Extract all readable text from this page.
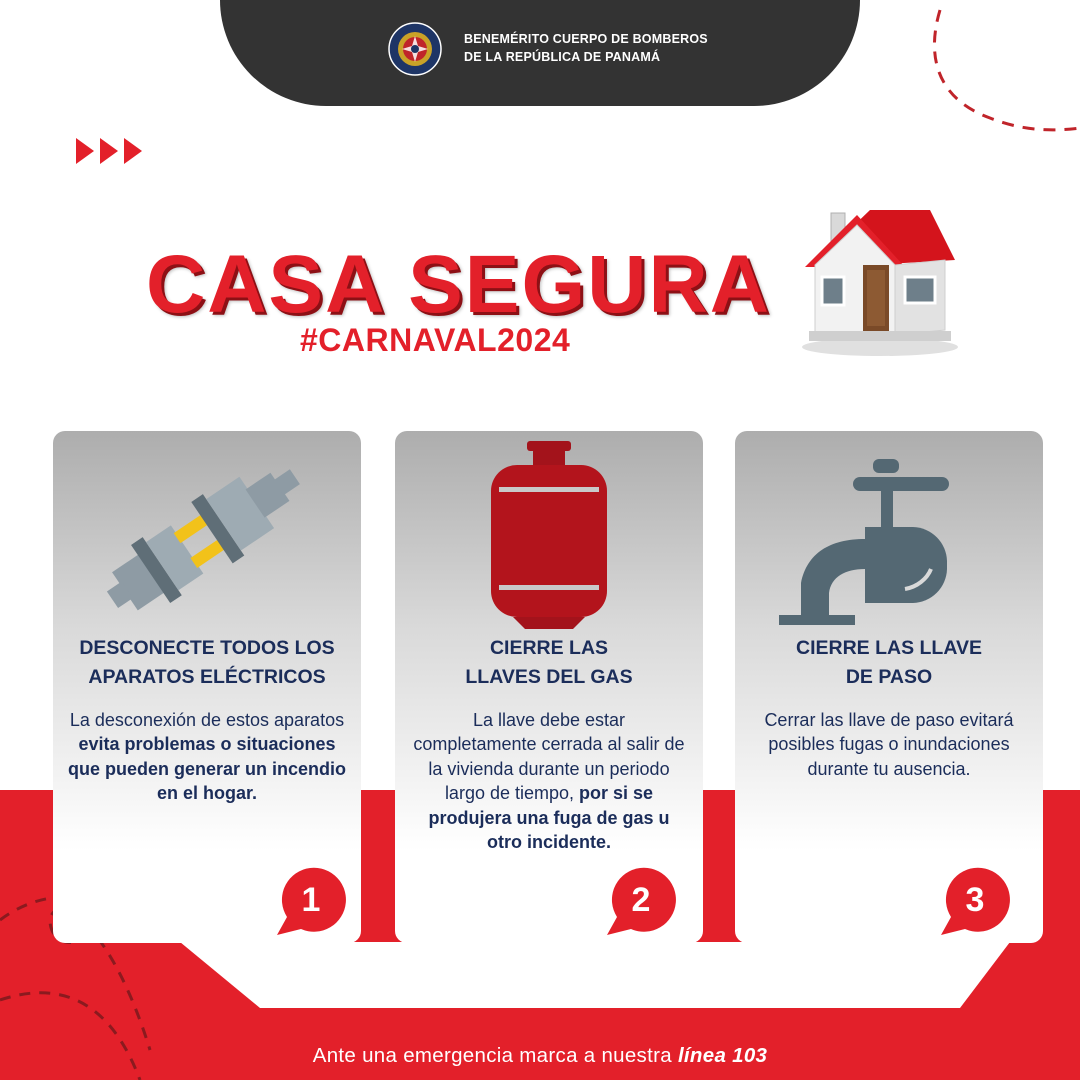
BENEMÉRITO CUERPO DE BOMBEROS
DE LA REPÚBLICA DE PANAMÁ
CASA SEGURA
#CARNAVAL2024
DESCONECTE TODOS LOS
APARATOS ELÉCTRICOS
La desconexión de estos aparatos evita problemas o situaciones que pueden generar un incendio en el hogar.
1
CIERRE LAS
LLAVES DEL GAS
La llave debe estar completamente cerrada al salir de la vivienda durante un periodo largo de tiempo, por si se produjera una fuga de gas u otro incidente.
2
CIERRE LAS LLAVE
DE PASO
Cerrar las llave de paso evitará posibles fugas o inundaciones durante tu ausencia.
3
Ante una emergencia marca a nuestra línea 103
